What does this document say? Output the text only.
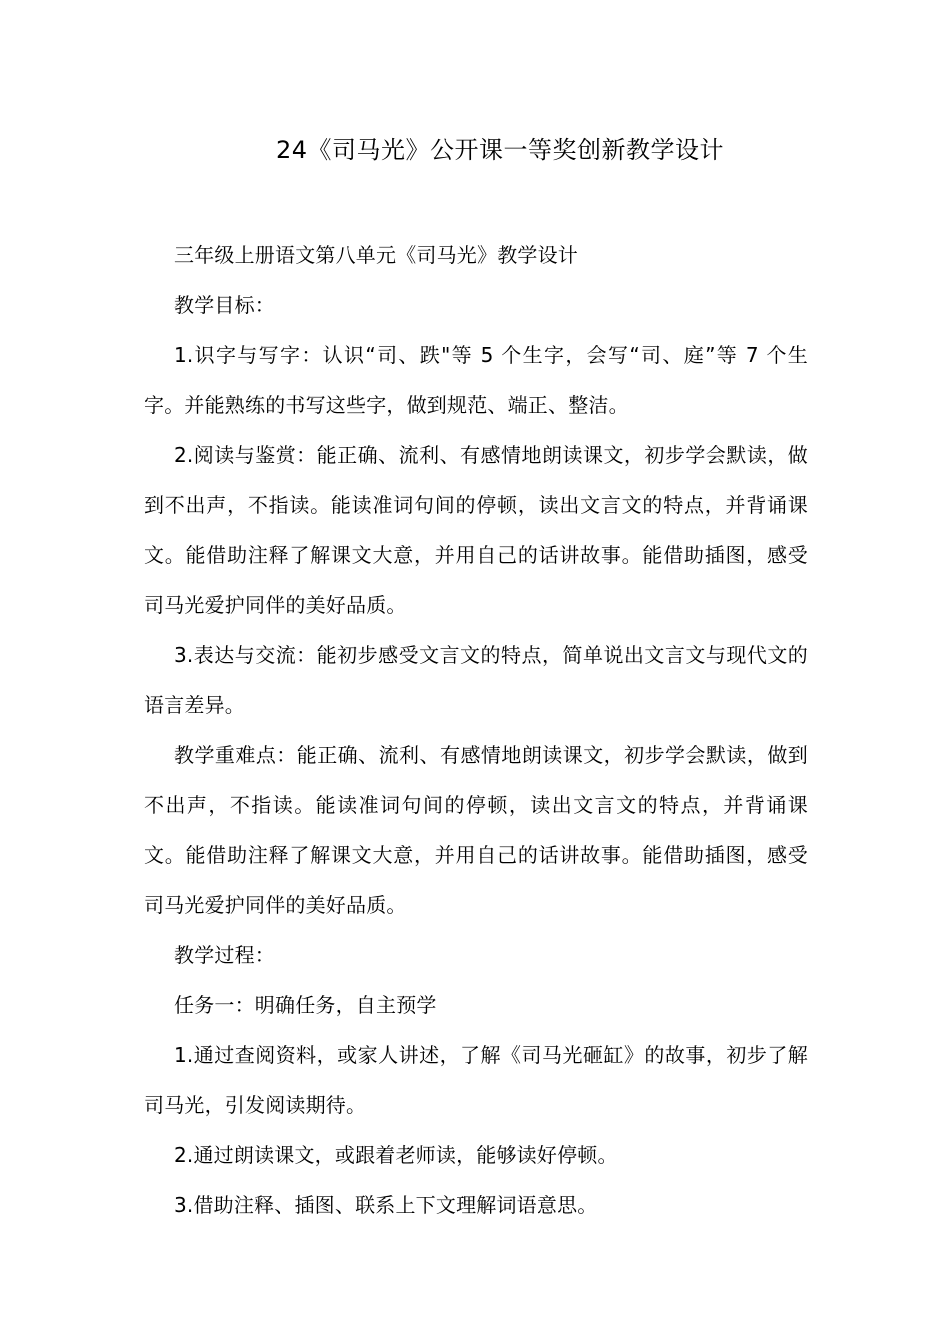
24《司马光》公开课一等奖创新教学设计

三年级上册语文第八单元《司马光》教学设计

教学目标：

1.识字与写字：认识“司、跌"等 5 个生字，会写“司、庭”等 7 个生字。并能熟练的书写这些字，做到规范、端正、整洁。

2.阅读与鉴赏：能正确、流利、有感情地朗读课文，初步学会默读，做到不出声，不指读。能读准词句间的停顿，读出文言文的特点，并背诵课文。能借助注释了解课文大意，并用自己的话讲故事。能借助插图，感受司马光爱护同伴的美好品质。

3.表达与交流：能初步感受文言文的特点，简单说出文言文与现代文的语言差异。

教学重难点：能正确、流利、有感情地朗读课文，初步学会默读，做到不出声，不指读。能读准词句间的停顿，读出文言文的特点，并背诵课文。能借助注释了解课文大意，并用自己的话讲故事。能借助插图，感受司马光爱护同伴的美好品质。

教学过程：

任务一：明确任务，自主预学

1.通过查阅资料，或家人讲述，了解《司马光砸缸》的故事，初步了解司马光，引发阅读期待。

2.通过朗读课文，或跟着老师读，能够读好停顿。

3.借助注释、插图、联系上下文理解词语意思。
